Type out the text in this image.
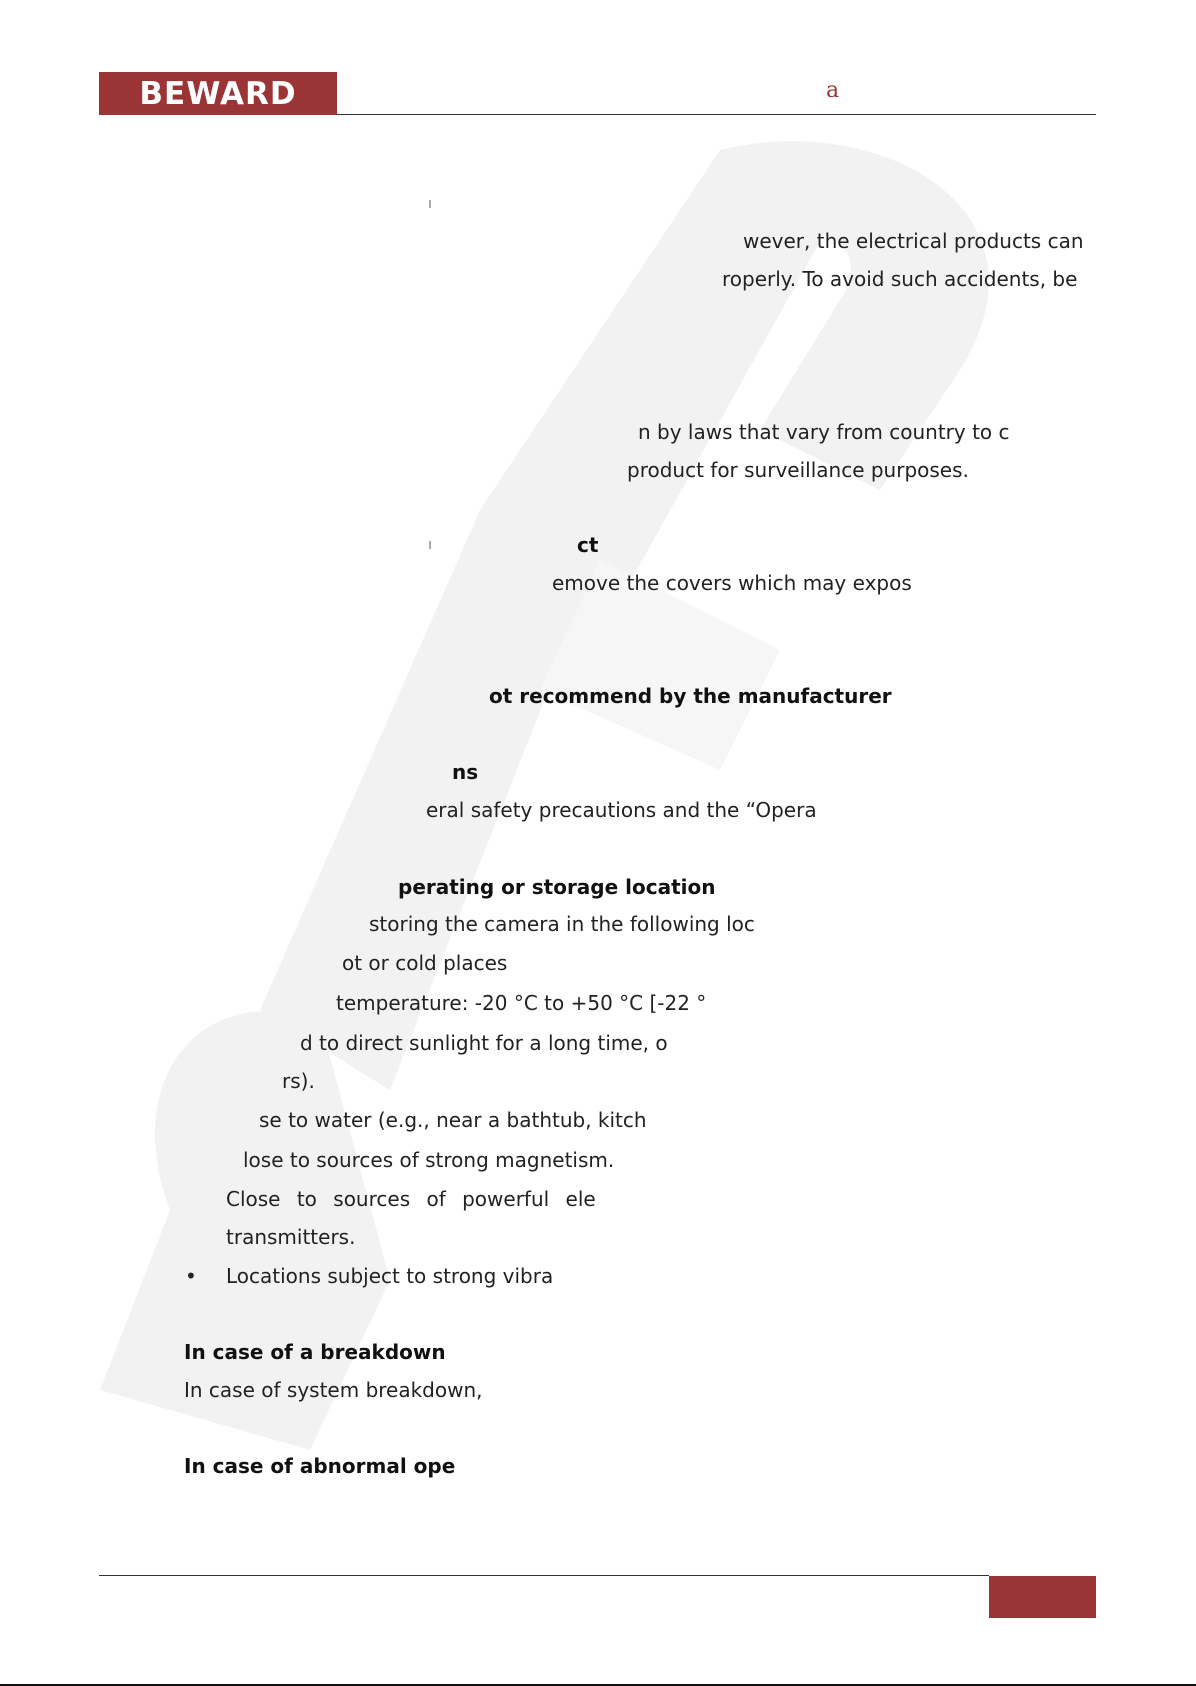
BEWARD	a
wever, the electrical products can
roperly. To avoid such accidents, be
n by laws that vary from country to c
product for surveillance purposes.
ct
emove the covers which may expos
ot recommend by the manufacturer
ns
eral safety precautions and the “Opera
perating or storage location
storing the camera in the following loc
ot or cold places
temperature: -20 °C to +50 °C [-22 °
d to direct sunlight for a long time, o
rs).
se to water (e.g., near a bathtub, kitch
lose to sources of strong magnetism.
Close to sources of powerful ele
transmitters.
• Locations subject to strong vibra
In case of a breakdown
In case of system breakdown,
In case of abnormal ope
